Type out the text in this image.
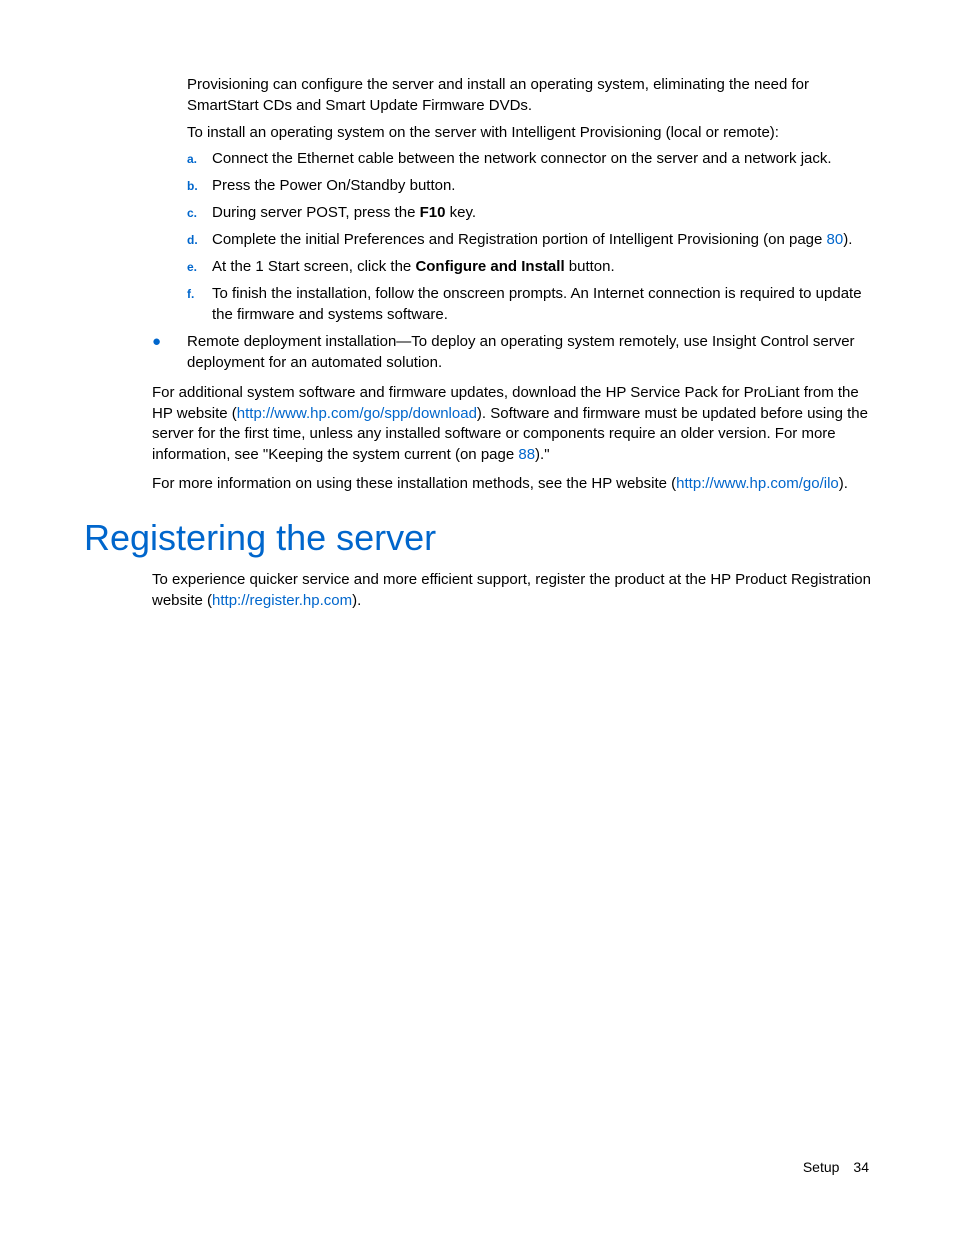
Provisioning can configure the server and install an operating system, eliminating the need for SmartStart CDs and Smart Update Firmware DVDs.

To install an operating system on the server with Intelligent Provisioning (local or remote):

a. Connect the Ethernet cable between the network connector on the server and a network jack.
b. Press the Power On/Standby button.
c. During server POST, press the F10 key.
d. Complete the initial Preferences and Registration portion of Intelligent Provisioning (on page 80).
e. At the 1 Start screen, click the Configure and Install button.
f. To finish the installation, follow the onscreen prompts. An Internet connection is required to update the firmware and systems software.
● Remote deployment installation—To deploy an operating system remotely, use Insight Control server deployment for an automated solution.

For additional system software and firmware updates, download the HP Service Pack for ProLiant from the HP website (http://www.hp.com/go/spp/download). Software and firmware must be updated before using the server for the first time, unless any installed software or components require an older version. For more information, see "Keeping the system current (on page 88)."

For more information on using these installation methods, see the HP website (http://www.hp.com/go/ilo).

Registering the server

To experience quicker service and more efficient support, register the product at the HP Product Registration website (http://register.hp.com).

Setup 34
